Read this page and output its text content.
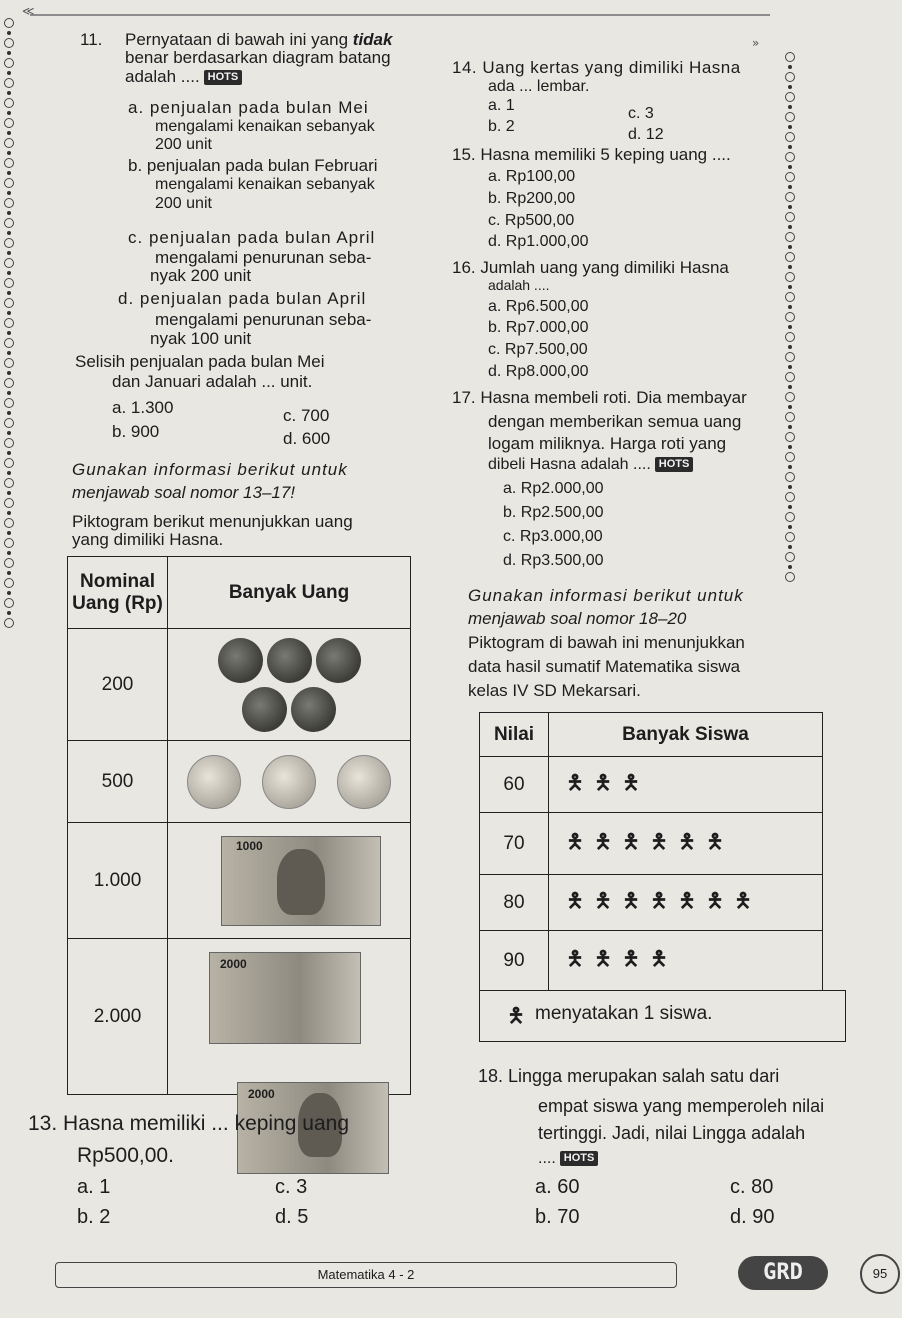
≪
»
11. Pernyataan di bawah ini yang tidak
benar berdasarkan diagram batang
adalah .... HOTS
a. penjualan pada bulan Mei
mengalami kenaikan sebanyak
200 unit
b. penjualan pada bulan Februari
mengalami kenaikan sebanyak
200 unit
c. penjualan pada bulan April
mengalami penurunan seba-
nyak 200 unit
d. penjualan pada bulan April
mengalami penurunan seba-
nyak 100 unit
Selisih penjualan pada bulan Mei
dan Januari adalah ... unit.
a. 1.300	c. 700
b. 900	d. 600
Gunakan informasi berikut untuk
menjawab soal nomor 13–17!
Piktogram berikut menunjukkan uang
yang dimiliki Hasna.
Nominal Uang (Rp)	Banyak Uang
200	

500	
1.000	1000

2.000	2000
2000
13. Hasna memiliki ... keping uang
Rp500,00.
a. 1	c. 3
b. 2	d. 5
14. Uang kertas yang dimiliki Hasna
ada ... lembar.
a. 1	c. 3
b. 2	d. 12
15. Hasna memiliki 5 keping uang ....
a. Rp100,00
b. Rp200,00
c. Rp500,00
d. Rp1.000,00
16. Jumlah uang yang dimiliki Hasna
adalah ....
a. Rp6.500,00
b. Rp7.000,00
c. Rp7.500,00
d. Rp8.000,00
17. Hasna membeli roti. Dia membayar
dengan memberikan semua uang
logam miliknya. Harga roti yang
dibeli Hasna adalah .... HOTS
a. Rp2.000,00
b. Rp2.500,00
c. Rp3.000,00
d. Rp3.500,00
Gunakan informasi berikut untuk
menjawab soal nomor 18–20
Piktogram di bawah ini menunjukkan
data hasil sumatif Matematika siswa
kelas IV SD Mekarsari.
Nilai	Banyak Siswa
60	🯅 🯅 🯅
70	🯅 🯅 🯅 🯅 🯅 🯅
80	🯅 🯅 🯅 🯅 🯅 🯅 🯅
90	🯅 🯅 🯅 🯅
🯅 menyatakan 1 siswa.
18. Lingga merupakan salah satu dari
empat siswa yang memperoleh nilai
tertinggi. Jadi, nilai Lingga adalah
.... HOTS
a. 60	c. 80
b. 70	d. 90
Matematika 4 - 2	GRD	95
